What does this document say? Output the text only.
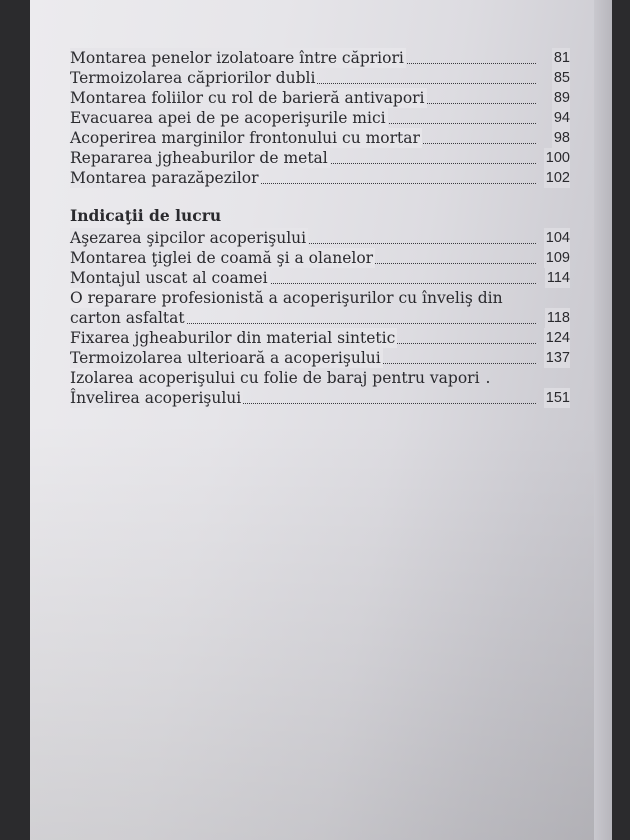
Montarea penelor izolatoare între căpriori	81
Termoizolarea căpriorilor dubli	85
Montarea foliilor cu rol de barieră antivapori	89
Evacuarea apei de pe acoperişurile mici	94
Acoperirea marginilor frontonului cu mortar	98
Repararea jgheaburilor de metal	100
Montarea parazăpezilor	102
Indicaţii de lucru
Aşezarea şipcilor acoperişului	104
Montarea ţiglei de coamă şi a olanelor	109
Montajul uscat al coamei	114
O reparare profesionistă a acoperişurilor cu înveliş din
carton asfaltat	118
Fixarea jgheaburilor din material sintetic	124
Termoizolarea ulterioară a acoperişului	137
Izolarea acoperişului cu folie de baraj pentru vapori .
Învelirea acoperişului	151
